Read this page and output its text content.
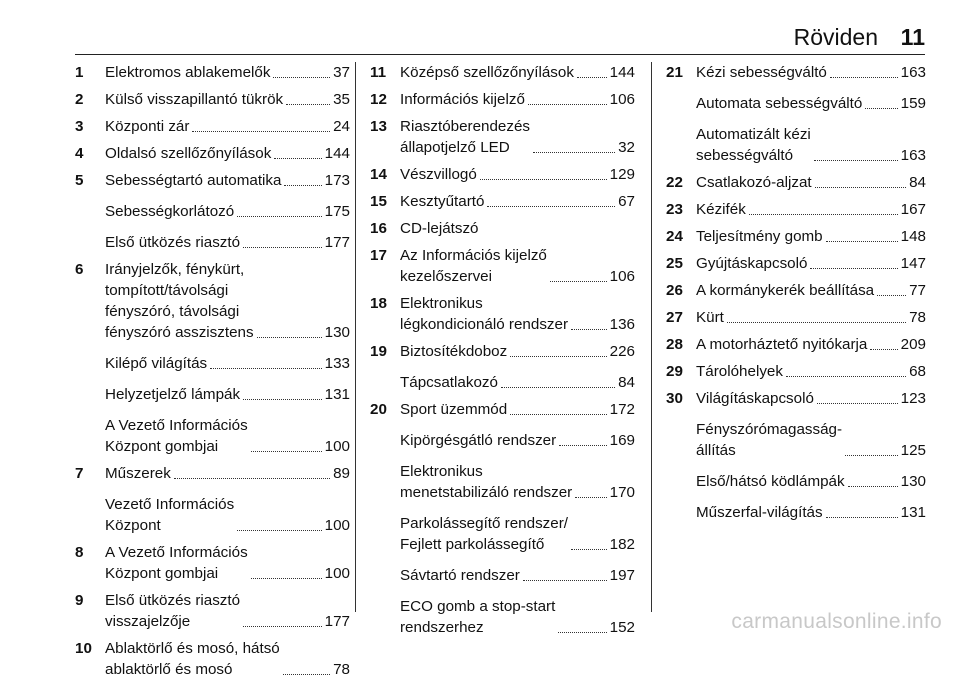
Röviden 11
1	Elektromos ablakemelők	37
2	Külső visszapillantó tükrök	35
3	Központi zár	24
4	Oldalsó szellőzőnyílások	144
5	Sebességtartó automatika	173
Sebességkorlátozó	175
Első ütközés riasztó	177
6	Irányjelzők, fénykürt,
tompított/távolsági
fényszóró, távolsági
fényszóró asszisztens	130
Kilépő világítás	133
Helyzetjelző lámpák	131
A Vezető Információs
Központ gombjai	100
7	Műszerek	89
Vezető Információs
Központ	100
8	A Vezető Információs
Központ gombjai	100
9	Első ütközés riasztó
visszajelzője	177
10 Ablaktörlő és mosó, hátsó
ablaktörlő és mosó	78
11 Középső szellőzőnyílások 144
12 Információs kijelző	106
13 Riasztóberendezés
állapotjelző LED	32
14 Vészvillogó	129
15 Kesztyűtartó	67
16 CD-lejátszó
17 Az Információs kijelző
kezelőszervei	106
18 Elektronikus
légkondicionáló rendszer	136
19 Biztosítékdoboz	226
Tápcsatlakozó	84
20 Sport üzemmód	172
Kipörgésgátló rendszer	169
Elektronikus
menetstabilizáló rendszer 170
Parkolássegítő rendszer/
Fejlett parkolássegítő	182
Sávtartó rendszer	197
ECO gomb a stop-start
rendszerhez	152
21 Kézi sebességváltó	163
Automata sebességváltó	159
Automatizált kézi
sebességváltó	163
22 Csatlakozó-aljzat	84
23 Kézifék	167
24 Teljesítmény gomb	148
25 Gyújtáskapcsoló	147
26 A kormánykerék beállítása 77
27 Kürt	78
28 A motorháztető nyitókarja 209
29 Tárolóhelyek	68
30 Világításkapcsoló	123
Fényszórómagasság-
állítás	125
Első/hátsó ködlámpák	130
Műszerfal-világítás	131
carmanualsonline.info
